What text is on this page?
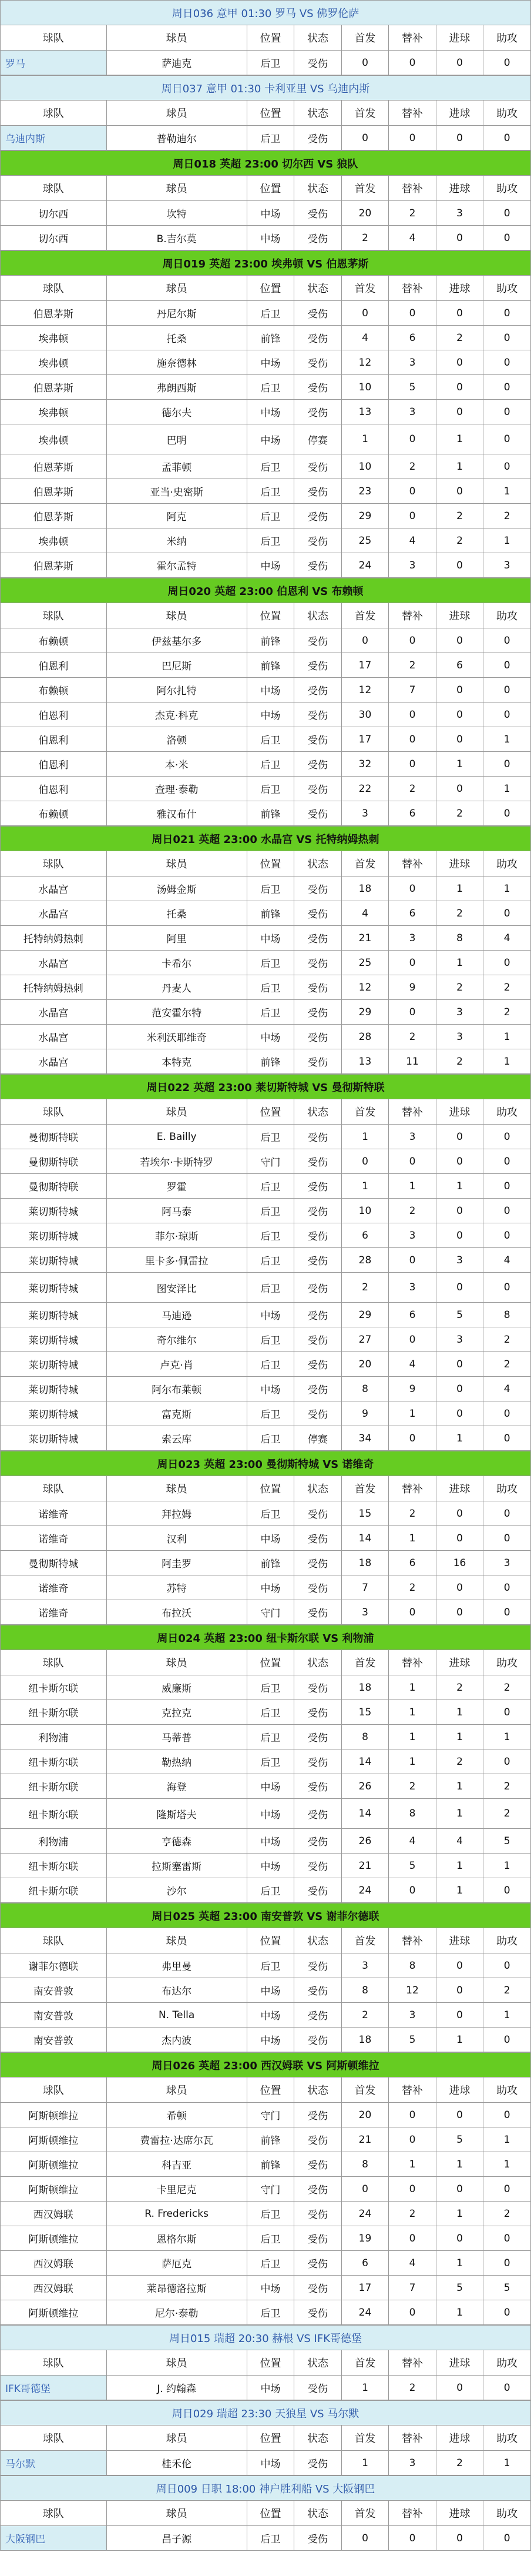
周日036 意甲 01:30 罗马 VS 佛罗伦萨							
球队	球员	位置	状态	首发	替补	进球	助攻
罗马	萨迪克	后卫	受伤	0	0	0	0
周日037 意甲 01:30 卡利亚里 VS 乌迪内斯							
球队	球员	位置	状态	首发	替补	进球	助攻
乌迪内斯	普勒迪尔	后卫	受伤	0	0	0	0
周日018 英超 23:00 切尔西 VS 狼队							
球队	球员	位置	状态	首发	替补	进球	助攻
切尔西	坎特	中场	受伤	20	2	3	0
切尔西	B.吉尔莫	中场	受伤	2	4	0	0
周日019 英超 23:00 埃弗顿 VS 伯恩茅斯							
球队	球员	位置	状态	首发	替补	进球	助攻
伯恩茅斯	丹尼尔斯	后卫	受伤	0	0	0	0
埃弗顿	托桑	前锋	受伤	4	6	2	0
埃弗顿	施奈德林	中场	受伤	12	3	0	0
伯恩茅斯	弗朗西斯	后卫	受伤	10	5	0	0
埃弗顿	德尔夫	中场	受伤	13	3	0	0
埃弗顿	巴明	中场	停赛	1	0	1	0
伯恩茅斯	孟菲顿	后卫	受伤	10	2	1	0
伯恩茅斯	亚当·史密斯	后卫	受伤	23	0	0	1
伯恩茅斯	阿克	后卫	受伤	29	0	2	2
埃弗顿	米纳	后卫	受伤	25	4	2	1
伯恩茅斯	霍尔孟特	中场	受伤	24	3	0	3
周日020 英超 23:00 伯恩利 VS 布赖顿							
球队	球员	位置	状态	首发	替补	进球	助攻
布赖顿	伊兹基尔多	前锋	受伤	0	0	0	0
伯恩利	巴尼斯	前锋	受伤	17	2	6	0
布赖顿	阿尔扎特	中场	受伤	12	7	0	0
伯恩利	杰克·科克	中场	受伤	30	0	0	0
伯恩利	洛顿	后卫	受伤	17	0	0	1
伯恩利	本·米	后卫	受伤	32	0	1	0
伯恩利	查理·泰勒	后卫	受伤	22	2	0	1
布赖顿	雅汉布什	前锋	受伤	3	6	2	0
周日021 英超 23:00 水晶宫 VS 托特纳姆热刺							
球队	球员	位置	状态	首发	替补	进球	助攻
水晶宫	汤姆金斯	后卫	受伤	18	0	1	1
水晶宫	托桑	前锋	受伤	4	6	2	0
托特纳姆热刺	阿里	中场	受伤	21	3	8	4
水晶宫	卡希尔	后卫	受伤	25	0	1	0
托特纳姆热刺	丹麦人	后卫	受伤	12	9	2	2
水晶宫	范安霍尔特	后卫	受伤	29	0	3	2
水晶宫	米利沃耶维奇	中场	受伤	28	2	3	1
水晶宫	本特克	前锋	受伤	13	11	2	1
周日022 英超 23:00 莱切斯特城 VS 曼彻斯特联							
球队	球员	位置	状态	首发	替补	进球	助攻
曼彻斯特联	E. Bailly	后卫	受伤	1	3	0	0
曼彻斯特联	若埃尔·卡斯特罗	守门	受伤	0	0	0	0
曼彻斯特联	罗霍	后卫	受伤	1	1	1	0
莱切斯特城	阿马泰	后卫	受伤	10	2	0	0
莱切斯特城	菲尔·琼斯	后卫	受伤	6	3	0	0
莱切斯特城	里卡多·佩雷拉	后卫	受伤	28	0	3	4
莱切斯特城	图安泽比	后卫	受伤	2	3	0	0
莱切斯特城	马迪逊	中场	受伤	29	6	5	8
莱切斯特城	奇尔维尔	后卫	受伤	27	0	3	2
莱切斯特城	卢克·肖	后卫	受伤	20	4	0	2
莱切斯特城	阿尔布莱顿	中场	受伤	8	9	0	4
莱切斯特城	富克斯	后卫	受伤	9	1	0	0
莱切斯特城	索云库	后卫	停赛	34	0	1	0
周日023 英超 23:00 曼彻斯特城 VS 诺维奇							
球队	球员	位置	状态	首发	替补	进球	助攻
诺维奇	拜拉姆	后卫	受伤	15	2	0	0
诺维奇	汉利	中场	受伤	14	1	0	0
曼彻斯特城	阿圭罗	前锋	受伤	18	6	16	3
诺维奇	苏特	中场	受伤	7	2	0	0
诺维奇	布拉沃	守门	受伤	3	0	0	0
周日024 英超 23:00 纽卡斯尔联 VS 利物浦							
球队	球员	位置	状态	首发	替补	进球	助攻
纽卡斯尔联	威廉斯	后卫	受伤	18	1	2	2
纽卡斯尔联	克拉克	后卫	受伤	15	1	1	0
利物浦	马蒂普	后卫	受伤	8	1	1	1
纽卡斯尔联	勒热纳	后卫	受伤	14	1	2	0
纽卡斯尔联	海登	中场	受伤	26	2	1	2
纽卡斯尔联	隆斯塔夫	中场	受伤	14	8	1	2
利物浦	亨德森	中场	受伤	26	4	4	5
纽卡斯尔联	拉斯塞雷斯	中场	受伤	21	5	1	1
纽卡斯尔联	沙尔	后卫	受伤	24	0	1	0
周日025 英超 23:00 南安普敦 VS 谢菲尔德联							
球队	球员	位置	状态	首发	替补	进球	助攻
谢菲尔德联	弗里曼	后卫	受伤	3	8	0	0
南安普敦	布达尔	中场	受伤	8	12	0	2
南安普敦	N. Tella	中场	受伤	2	3	0	1
南安普敦	杰内波	中场	受伤	18	5	1	0
周日026 英超 23:00 西汉姆联 VS 阿斯顿维拉							
球队	球员	位置	状态	首发	替补	进球	助攻
阿斯顿维拉	希顿	守门	受伤	20	0	0	0
阿斯顿维拉	费雷拉·达席尔瓦	前锋	受伤	21	0	5	1
阿斯顿维拉	科吉亚	前锋	受伤	8	1	1	1
阿斯顿维拉	卡里尼克	守门	受伤	0	0	0	0
西汉姆联	R. Fredericks	后卫	受伤	24	2	1	2
阿斯顿维拉	恩格尔斯	后卫	受伤	19	0	0	0
西汉姆联	萨厄克	后卫	受伤	6	4	1	0
西汉姆联	莱昂德洛拉斯	中场	受伤	17	7	5	5
阿斯顿维拉	尼尔·泰勒	后卫	受伤	24	0	1	0
周日015 瑞超 20:30 赫根 VS IFK哥德堡							
球队	球员	位置	状态	首发	替补	进球	助攻
IFK哥德堡	J. 约翰森	中场	受伤	1	2	0	0
周日029 瑞超 23:30 天狼星 VS 马尔默							
球队	球员	位置	状态	首发	替补	进球	助攻
马尔默	桂禾伦	中场	受伤	1	3	2	1
周日009 日职 18:00 神户胜利船 VS 大阪钢巴							
球队	球员	位置	状态	首发	替补	进球	助攻
大阪钢巴	昌子源	后卫	受伤	0	0	0	0
